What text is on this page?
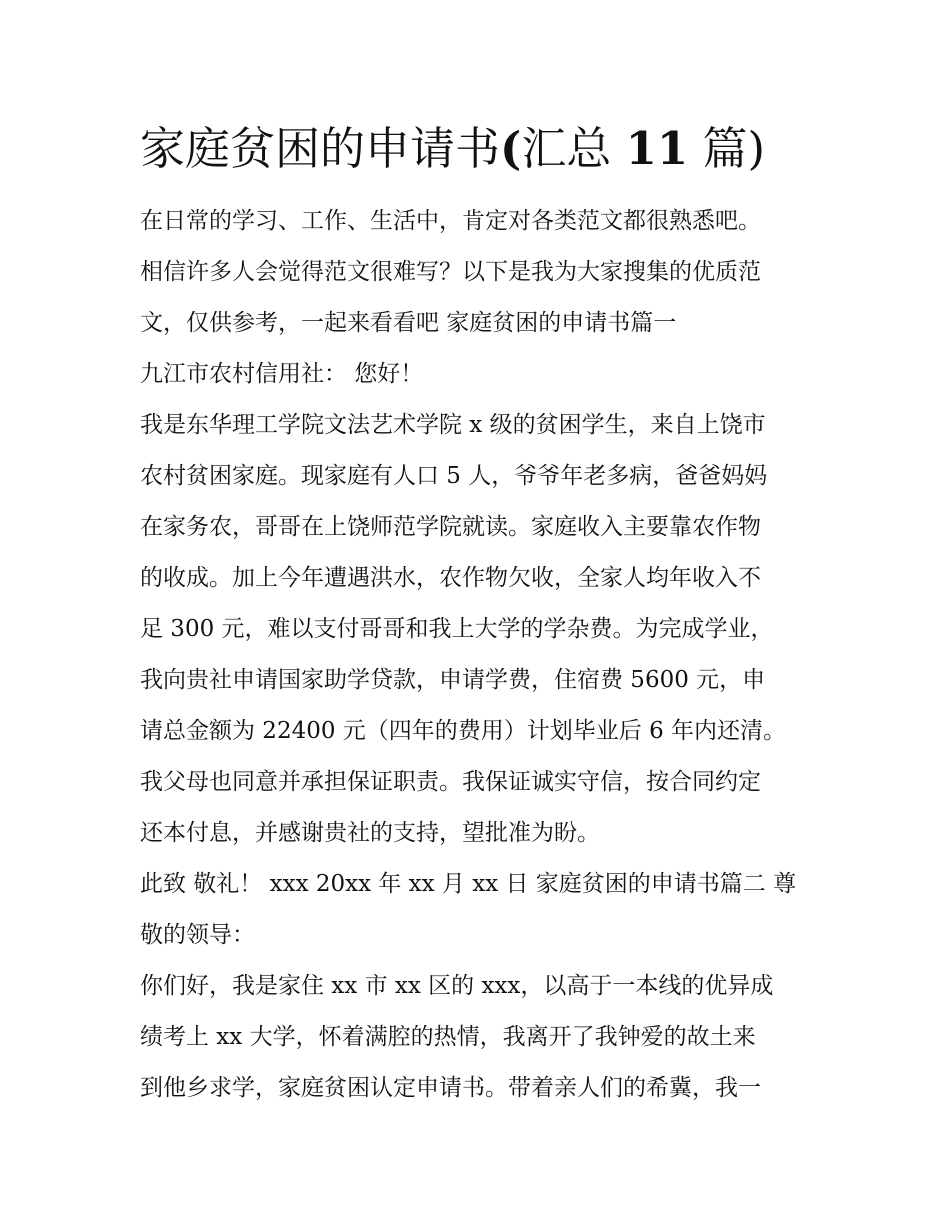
家庭贫困的申请书(汇总 11 篇)
在日常的学习、工作、生活中，肯定对各类范文都很熟悉吧。
相信许多人会觉得范文很难写？以下是我为大家搜集的优质范
文，仅供参考，一起来看看吧 家庭贫困的申请书篇一
九江市农村信用社： 您好！
我是东华理工学院文法艺术学院 x 级的贫困学生，来自上饶市
农村贫困家庭。现家庭有人口 5 人，爷爷年老多病，爸爸妈妈
在家务农，哥哥在上饶师范学院就读。家庭收入主要靠农作物
的收成。加上今年遭遇洪水，农作物欠收，全家人均年收入不
足 300 元，难以支付哥哥和我上大学的学杂费。为完成学业，
我向贵社申请国家助学贷款，申请学费，住宿费 5600 元，申
请总金额为 22400 元（四年的费用）计划毕业后 6 年内还清。
我父母也同意并承担保证职责。我保证诚实守信，按合同约定
还本付息，并感谢贵社的支持，望批准为盼。
此致 敬礼！ xxx 20xx 年 xx 月 xx 日 家庭贫困的申请书篇二 尊
敬的领导：
你们好，我是家住 xx 市 xx 区的 xxx，以高于一本线的优异成
绩考上 xx 大学，怀着满腔的热情，我离开了我钟爱的故土来
到他乡求学，家庭贫困认定申请书。带着亲人们的希冀，我一
